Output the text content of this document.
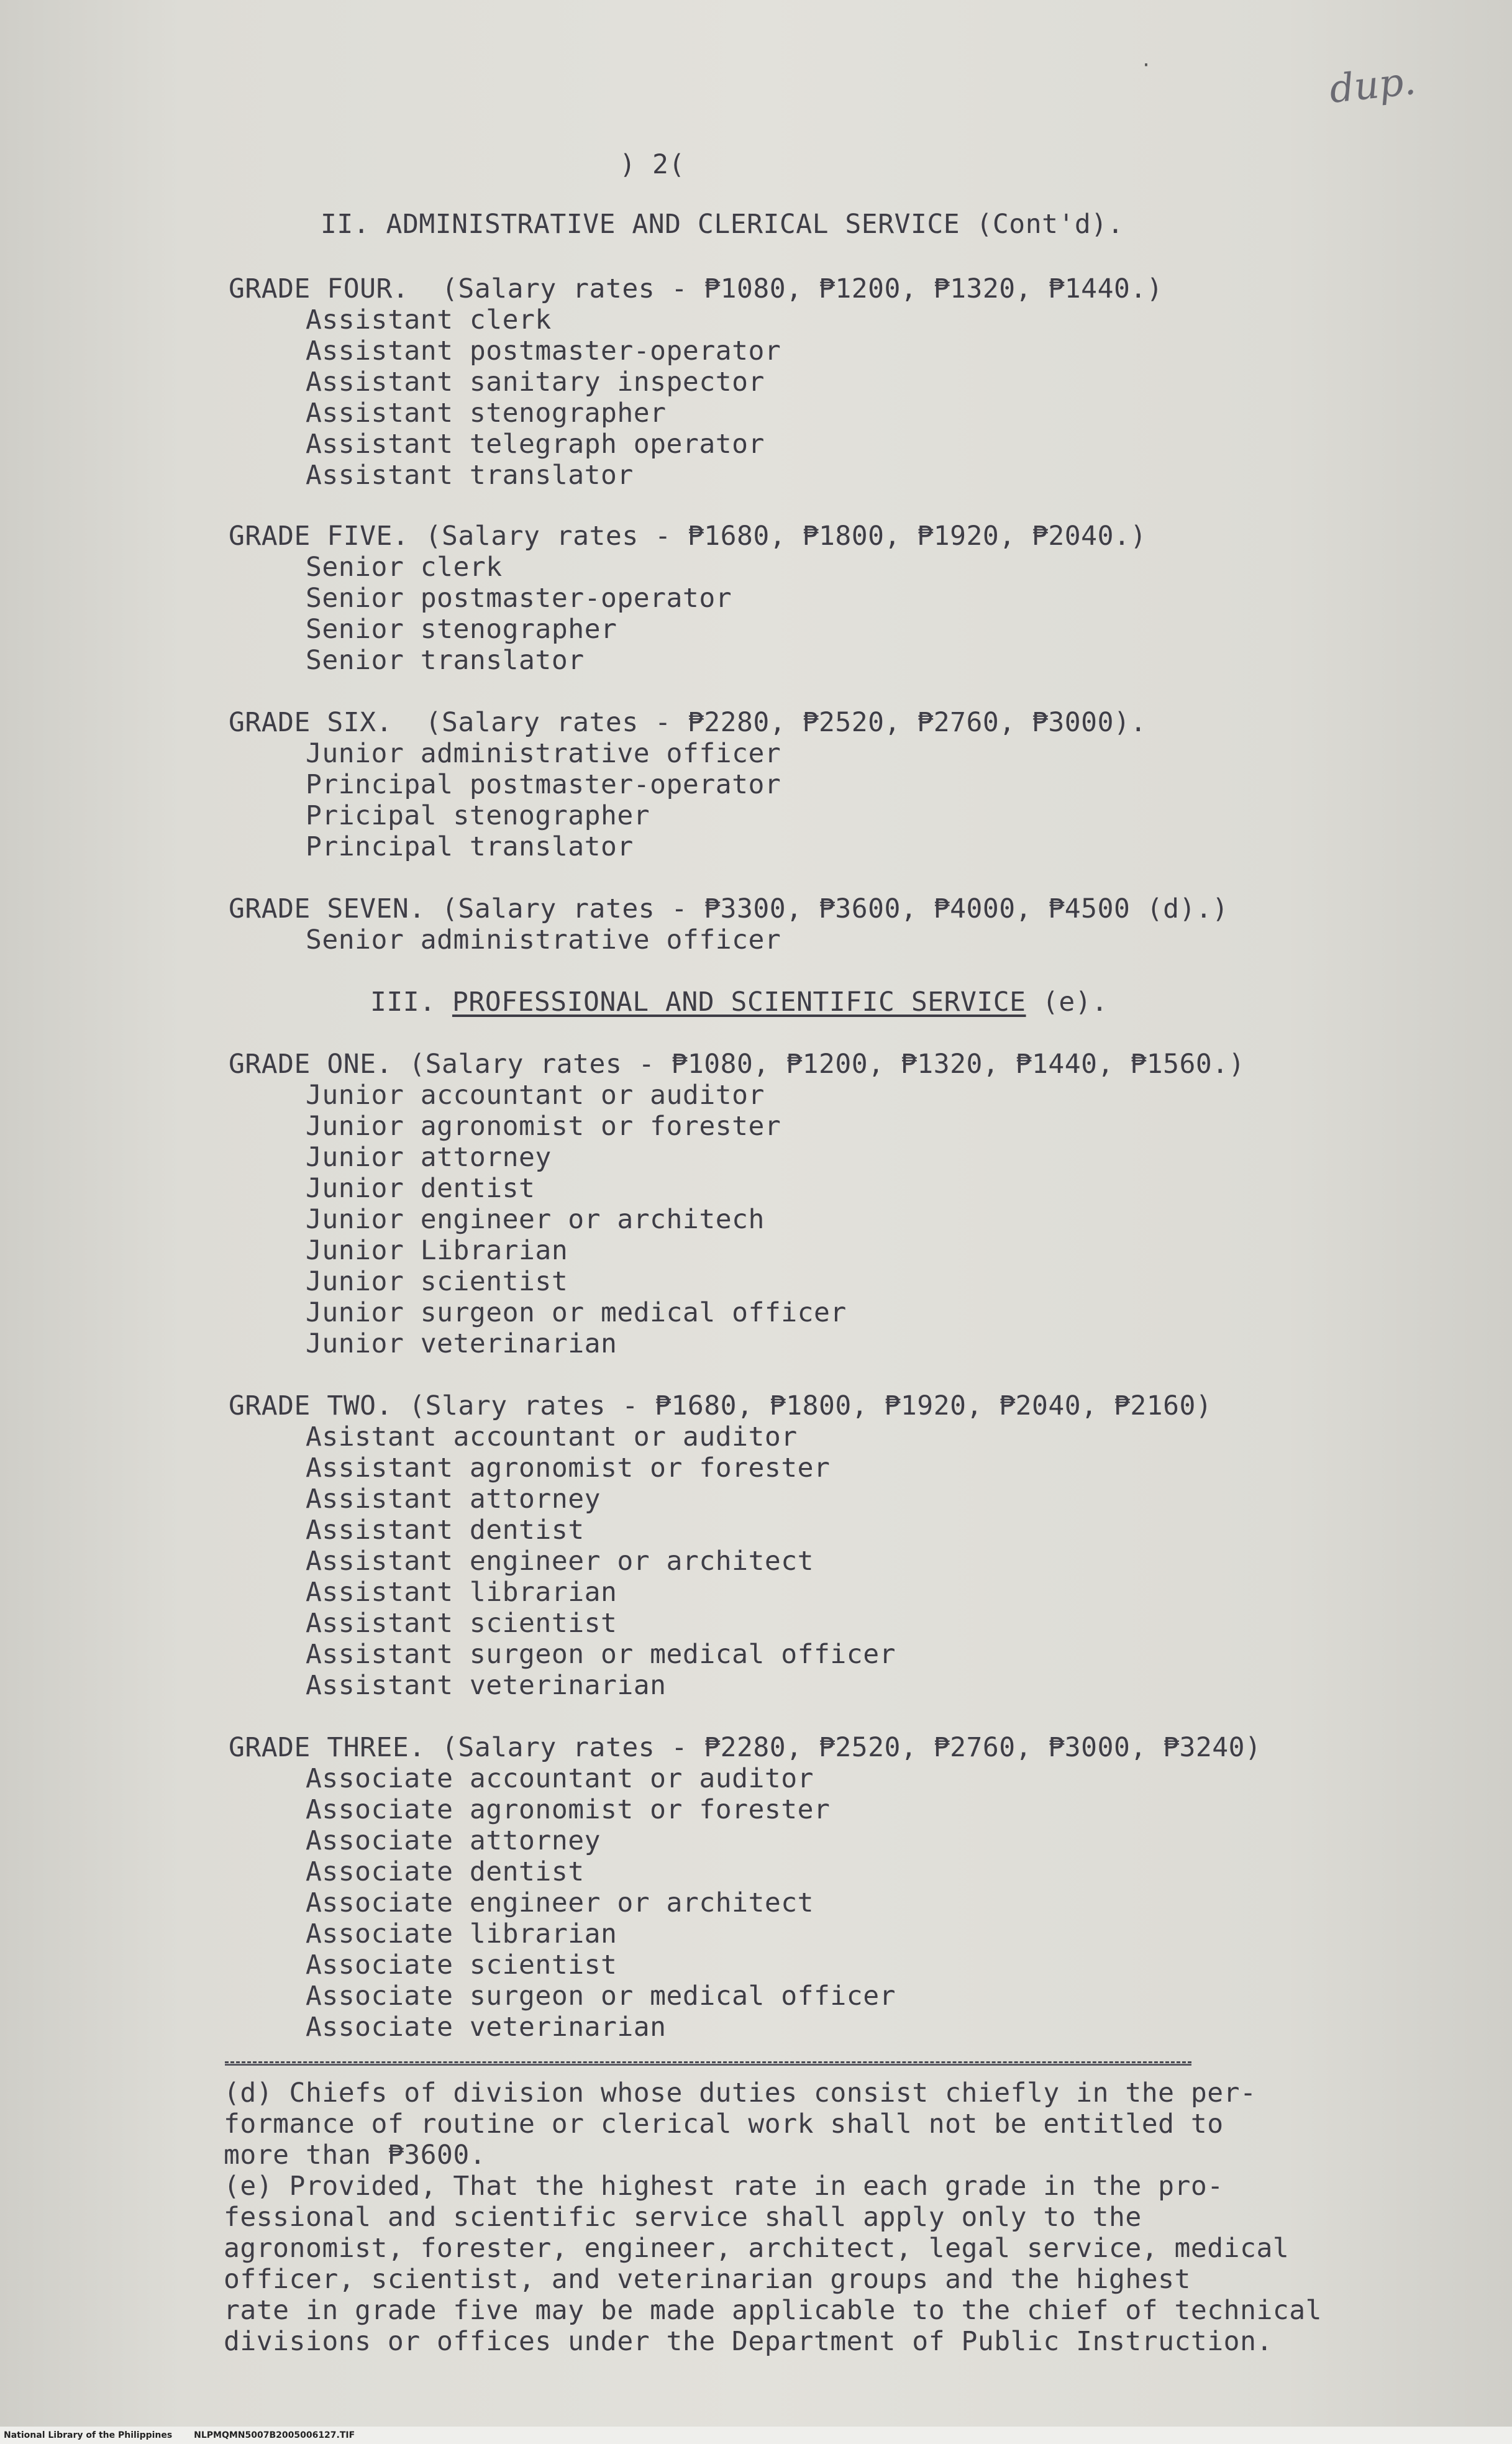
dup.
·
) 2(
II. ADMINISTRATIVE AND CLERICAL SERVICE (Cont'd).
GRADE FOUR.  (Salary rates - ₱1080, ₱1200, ₱1320, ₱1440.)
Assistant clerk
Assistant postmaster-operator
Assistant sanitary inspector
Assistant stenographer
Assistant telegraph operator
Assistant translator
GRADE FIVE. (Salary rates - ₱1680, ₱1800, ₱1920, ₱2040.)
Senior clerk
Senior postmaster-operator
Senior stenographer
Senior translator
GRADE SIX.  (Salary rates - ₱2280, ₱2520, ₱2760, ₱3000).
Junior administrative officer
Principal postmaster-operator
Pricipal stenographer
Principal translator
GRADE SEVEN. (Salary rates - ₱3300, ₱3600, ₱4000, ₱4500 (d).)
Senior administrative officer
III. PROFESSIONAL AND SCIENTIFIC SERVICE (e).
GRADE ONE. (Salary rates - ₱1080, ₱1200, ₱1320, ₱1440, ₱1560.)
Junior accountant or auditor
Junior agronomist or forester
Junior attorney
Junior dentist
Junior engineer or architech
Junior Librarian
Junior scientist
Junior surgeon or medical officer
Junior veterinarian
GRADE TWO. (Slary rates - ₱1680, ₱1800, ₱1920, ₱2040, ₱2160)
Asistant accountant or auditor
Assistant agronomist or forester
Assistant attorney
Assistant dentist
Assistant engineer or architect
Assistant librarian
Assistant scientist
Assistant surgeon or medical officer
Assistant veterinarian
GRADE THREE. (Salary rates - ₱2280, ₱2520, ₱2760, ₱3000, ₱3240)
Associate accountant or auditor
Associate agronomist or forester
Associate attorney
Associate dentist
Associate engineer or architect
Associate librarian
Associate scientist
Associate surgeon or medical officer
Associate veterinarian
(d) Chiefs of division whose duties consist chiefly in the per-
formance of routine or clerical work shall not be entitled to
more than ₱3600.
(e) Provided, That the highest rate in each grade in the pro-
fessional and scientific service shall apply only to the
agronomist, forester, engineer, architect, legal service, medical
officer, scientist, and veterinarian groups and the highest
rate in grade five may be made applicable to the chief of technical
divisions or offices under the Department of Public Instruction.
National Library of the Philippines NLPMQMN5007B2005006127.TIF
